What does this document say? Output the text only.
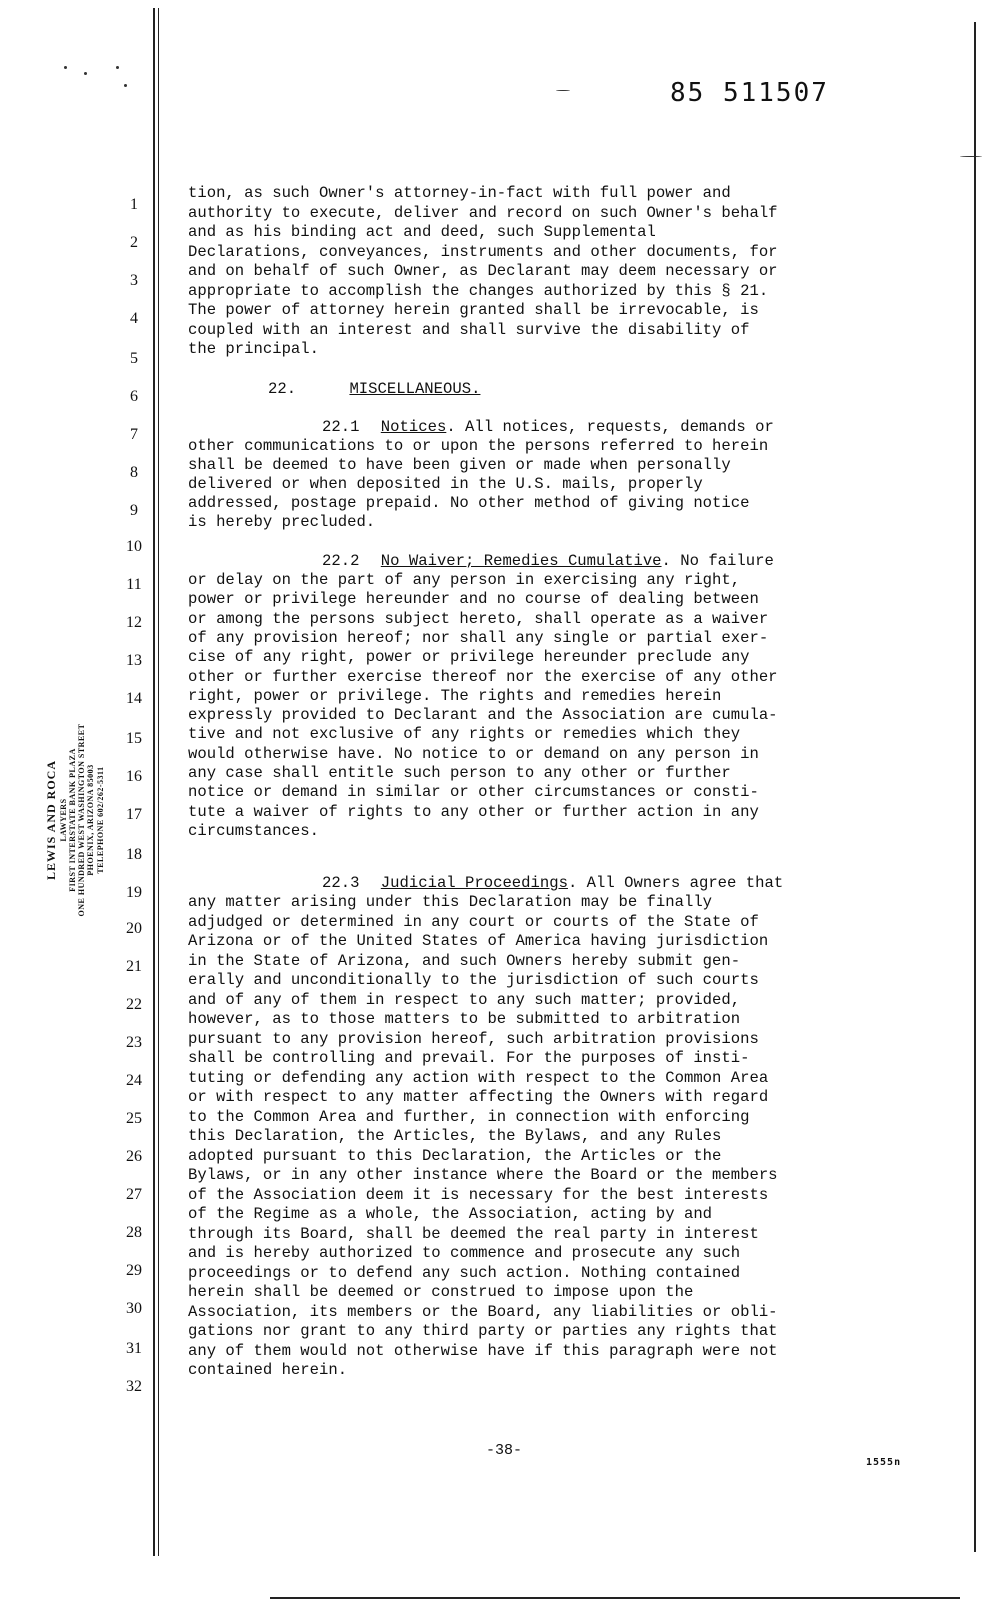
85 511507
1
2
3
4
5
6
7
8
9
10
11
12
13
14
15
16
17
18
19
20
21
22
23
24
25
26
27
28
29
30
31
32
LEWIS AND ROCA LAWYERS FIRST INTERSTATE BANK PLAZA ONE HUNDRED WEST WASHINGTON STREET PHOENIX, ARIZONA 85003 TELEPHONE 602/262-5311
tion, as such Owner's attorney-in-fact with full power and
authority to execute, deliver and record on such Owner's behalf
and as his binding act and deed, such Supplemental
Declarations, conveyances, instruments and other documents, for
and on behalf of such Owner, as Declarant may deem necessary or
appropriate to accomplish the changes authorized by this § 21.
The power of attorney herein granted shall be irrevocable, is
coupled with an interest and shall survive the disability of
the principal.
other communications to or upon the persons referred to herein
shall be deemed to have been given or made when personally
delivered or when deposited in the U.S. mails, properly
addressed, postage prepaid. No other method of giving notice
is hereby precluded.
or delay on the part of any person in exercising any right,
power or privilege hereunder and no course of dealing between
or among the persons subject hereto, shall operate as a waiver
of any provision hereof; nor shall any single or partial exer-
cise of any right, power or privilege hereunder preclude any
other or further exercise thereof nor the exercise of any other
right, power or privilege. The rights and remedies herein
expressly provided to Declarant and the Association are cumula-
tive and not exclusive of any rights or remedies which they
would otherwise have. No notice to or demand on any person in
any case shall entitle such person to any other or further
notice or demand in similar or other circumstances or consti-
tute a waiver of rights to any other or further action in any
circumstances.
any matter arising under this Declaration may be finally
adjudged or determined in any court or courts of the State of
Arizona or of the United States of America having jurisdiction
in the State of Arizona, and such Owners hereby submit gen-
erally and unconditionally to the jurisdiction of such courts
and of any of them in respect to any such matter; provided,
however, as to those matters to be submitted to arbitration
pursuant to any provision hereof, such arbitration provisions
shall be controlling and prevail. For the purposes of insti-
tuting or defending any action with respect to the Common Area
or with respect to any matter affecting the Owners with regard
to the Common Area and further, in connection with enforcing
this Declaration, the Articles, the Bylaws, and any Rules
adopted pursuant to this Declaration, the Articles or the
Bylaws, or in any other instance where the Board or the members
of the Association deem it is necessary for the best interests
of the Regime as a whole, the Association, acting by and
through its Board, shall be deemed the real party in interest
and is hereby authorized to commence and prosecute any such
proceedings or to defend any such action. Nothing contained
herein shall be deemed or construed to impose upon the
Association, its members or the Board, any liabilities or obli-
gations nor grant to any third party or parties any rights that
any of them would not otherwise have if this paragraph were not
contained herein.
22.	MISCELLANEOUS.
22.1 Notices. All notices, requests, demands or
22.2 No Waiver; Remedies Cumulative. No failure
22.3 Judicial Proceedings. All Owners agree that
-38-
1555n
